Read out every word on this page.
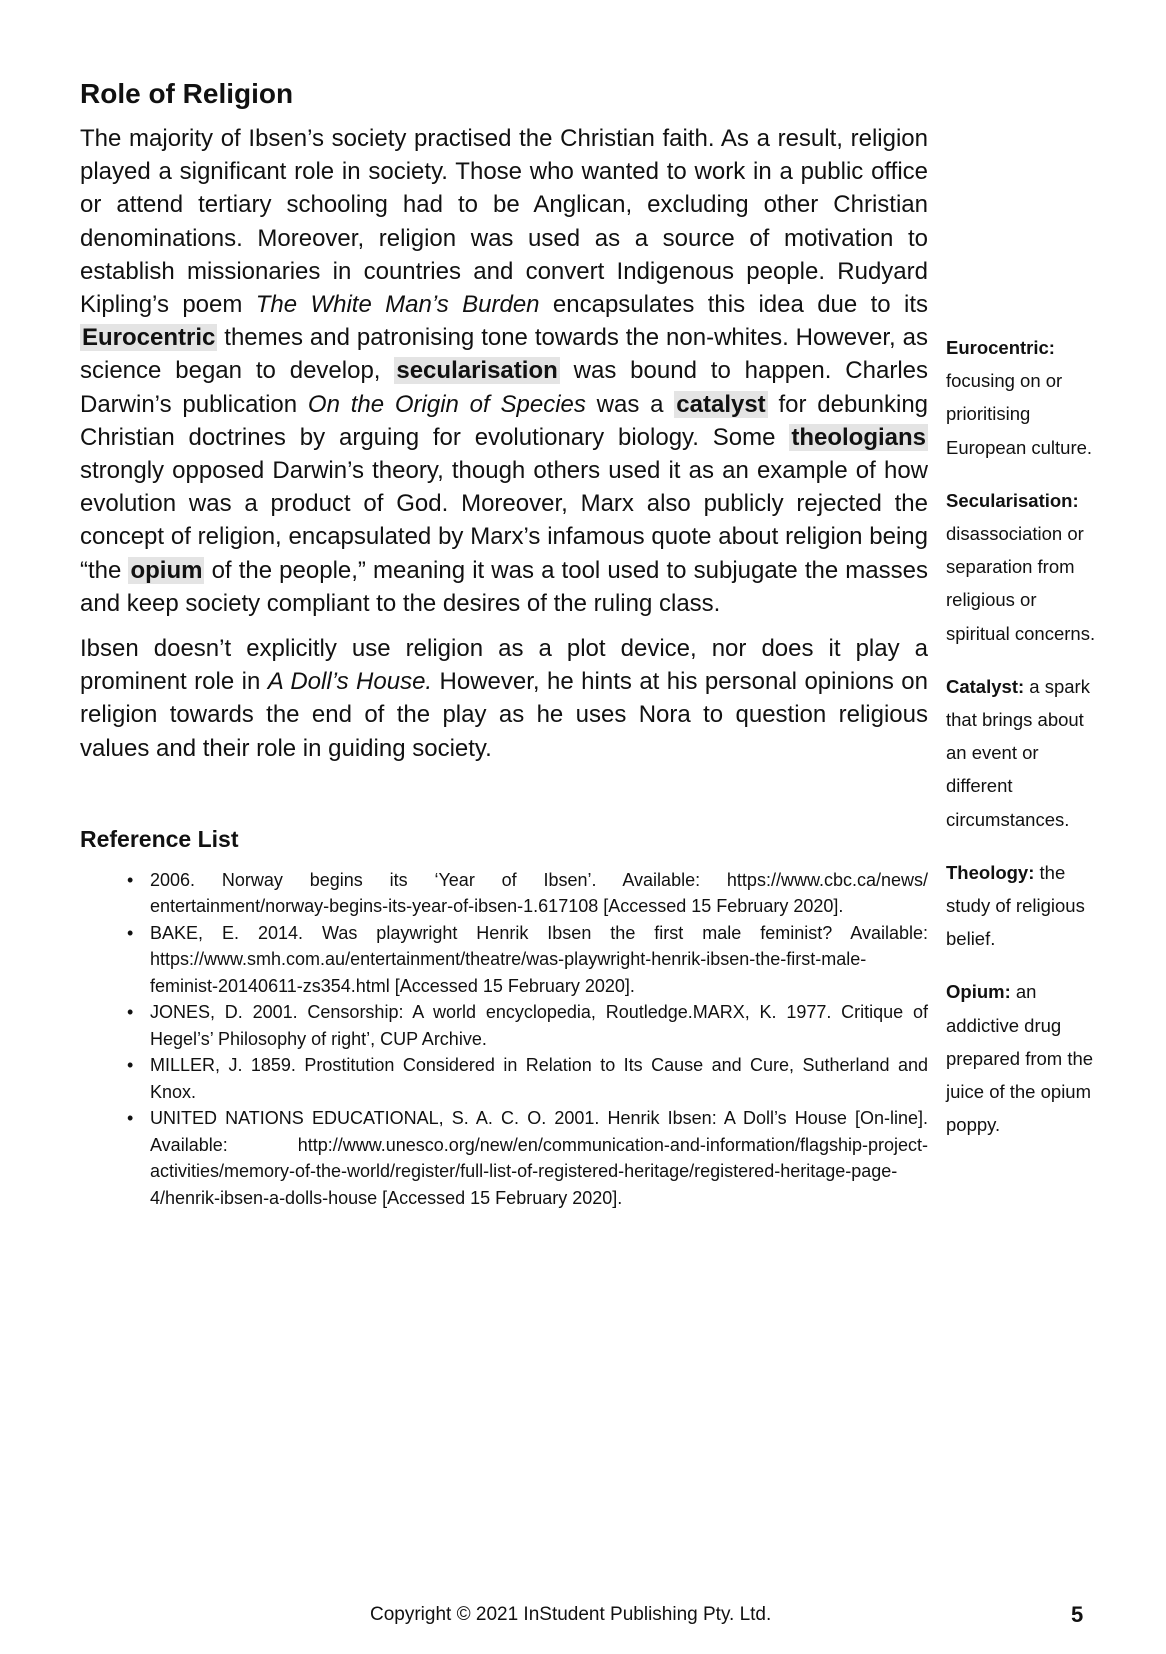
Role of Religion

The majority of Ibsen’s society practised the Christian faith. As a result, religion played a significant role in society. Those who wanted to work in a public office or attend tertiary schooling had to be Anglican, excluding other Christian denominations. Moreover, religion was used as a source of motivation to establish missionaries in countries and convert Indigenous people. Rudyard Kipling’s poem The White Man’s Burden encapsulates this idea due to its Eurocentric themes and patronising tone towards the non-whites. However, as science began to develop, secularisation was bound to happen. Charles Darwin’s publication On the Origin of Species was a catalyst for debunking Christian doctrines by arguing for evolutionary biology. Some theologians strongly opposed Darwin’s theory, though others used it as an example of how evolution was a product of God. Moreover, Marx also publicly rejected the concept of religion, encapsulated by Marx’s infamous quote about religion being “the opium of the people,” meaning it was a tool used to subjugate the masses and keep society compliant to the desires of the ruling class.

Ibsen doesn’t explicitly use religion as a plot device, nor does it play a prominent role in A Doll’s House. However, he hints at his personal opinions on religion towards the end of the play as he uses Nora to question religious values and their role in guiding society.

Reference List
• 2006. Norway begins its ‘Year of Ibsen’. Available: https://www.cbc.ca/news/ entertainment/norway-begins-its-year-of-ibsen-1.617108 [Accessed 15 February 2020].
• BAKE, E. 2014. Was playwright Henrik Ibsen the first male feminist? Available: https://www.smh.com.au/entertainment/theatre/was-playwright-henrik-ibsen-the-first-male-feminist-20140611-zs354.html [Accessed 15 February 2020].
• JONES, D. 2001. Censorship: A world encyclopedia, Routledge.MARX, K. 1977. Critique of Hegel’s’ Philosophy of right’, CUP Archive.
• MILLER, J. 1859. Prostitution Considered in Relation to Its Cause and Cure, Sutherland and Knox.
• UNITED NATIONS EDUCATIONAL, S. A. C. O. 2001. Henrik Ibsen: A Doll’s House [On-line]. Available: http://www.unesco.org/new/en/communication-and-information/flagship-project-activities/memory-of-the-world/register/full-list-of-registered-heritage/registered-heritage-page-4/henrik-ibsen-a-dolls-house [Accessed 15 February 2020].
Eurocentric: focusing on or prioritising European culture.
Secularisation: disassociation or separation from religious or spiritual concerns.
Catalyst: a spark that brings about an event or different circumstances.
Theology: the study of religious belief.
Opium: an addictive drug prepared from the juice of the opium poppy.
Copyright © 2021 InStudent Publishing Pty. Ltd.	5
